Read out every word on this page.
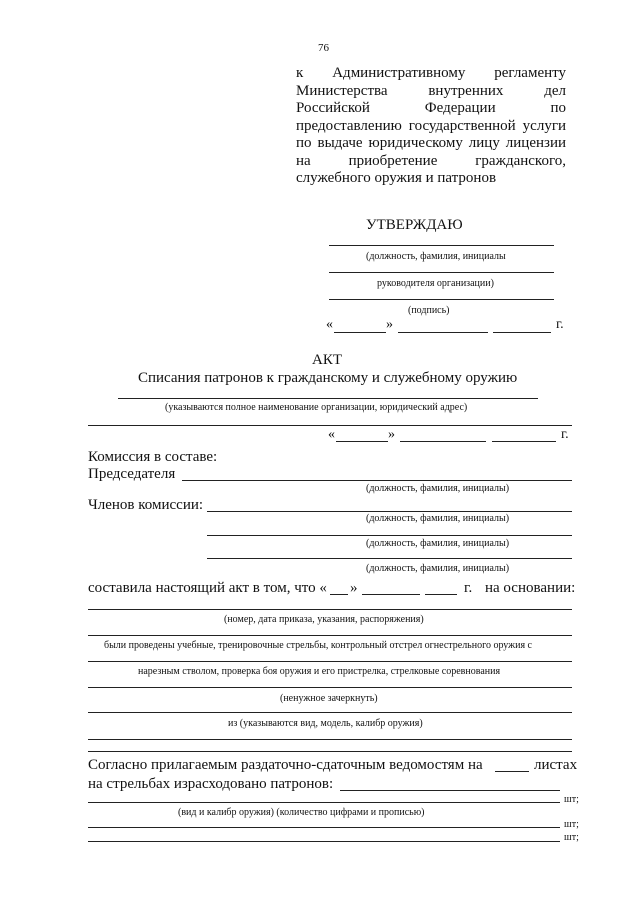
76
к Административному регламенту
Министерства внутренних дел
Российской Федерации по
предоставлению государственной услуги
по выдаче юридическому лицу лицензии
на приобретение гражданского,
служебного оружия и патронов
УТВЕРЖДАЮ
(должность, фамилия, инициалы
руководителя организации)
(подпись)
«	»	г.
АКТ
Списания патронов к гражданскому и служебному оружию
(указываются полное наименование организации, юридический адрес)
«	»	г.
Комиссия в составе:
Председателя
(должность, фамилия, инициалы)
Членов комиссии:
(должность, фамилия, инициалы)
(должность, фамилия, инициалы)
(должность, фамилия, инициалы)
составила настоящий акт в том, что « »	г. на основании:
(номер, дата приказа, указания, распоряжения)
были проведены учебные, тренировочные стрельбы, контрольный отстрел огнестрельного оружия с
нарезным стволом, проверка боя оружия и его пристрелка, стрелковые соревнования
(ненужное зачеркнуть)
из (указываются вид, модель, калибр оружия)
Согласно прилагаемым раздаточно-сдаточным ведомостям на	листах
на стрельбах израсходовано патронов:
шт;
(вид и калибр оружия) (количество цифрами и прописью)
шт;
шт;
